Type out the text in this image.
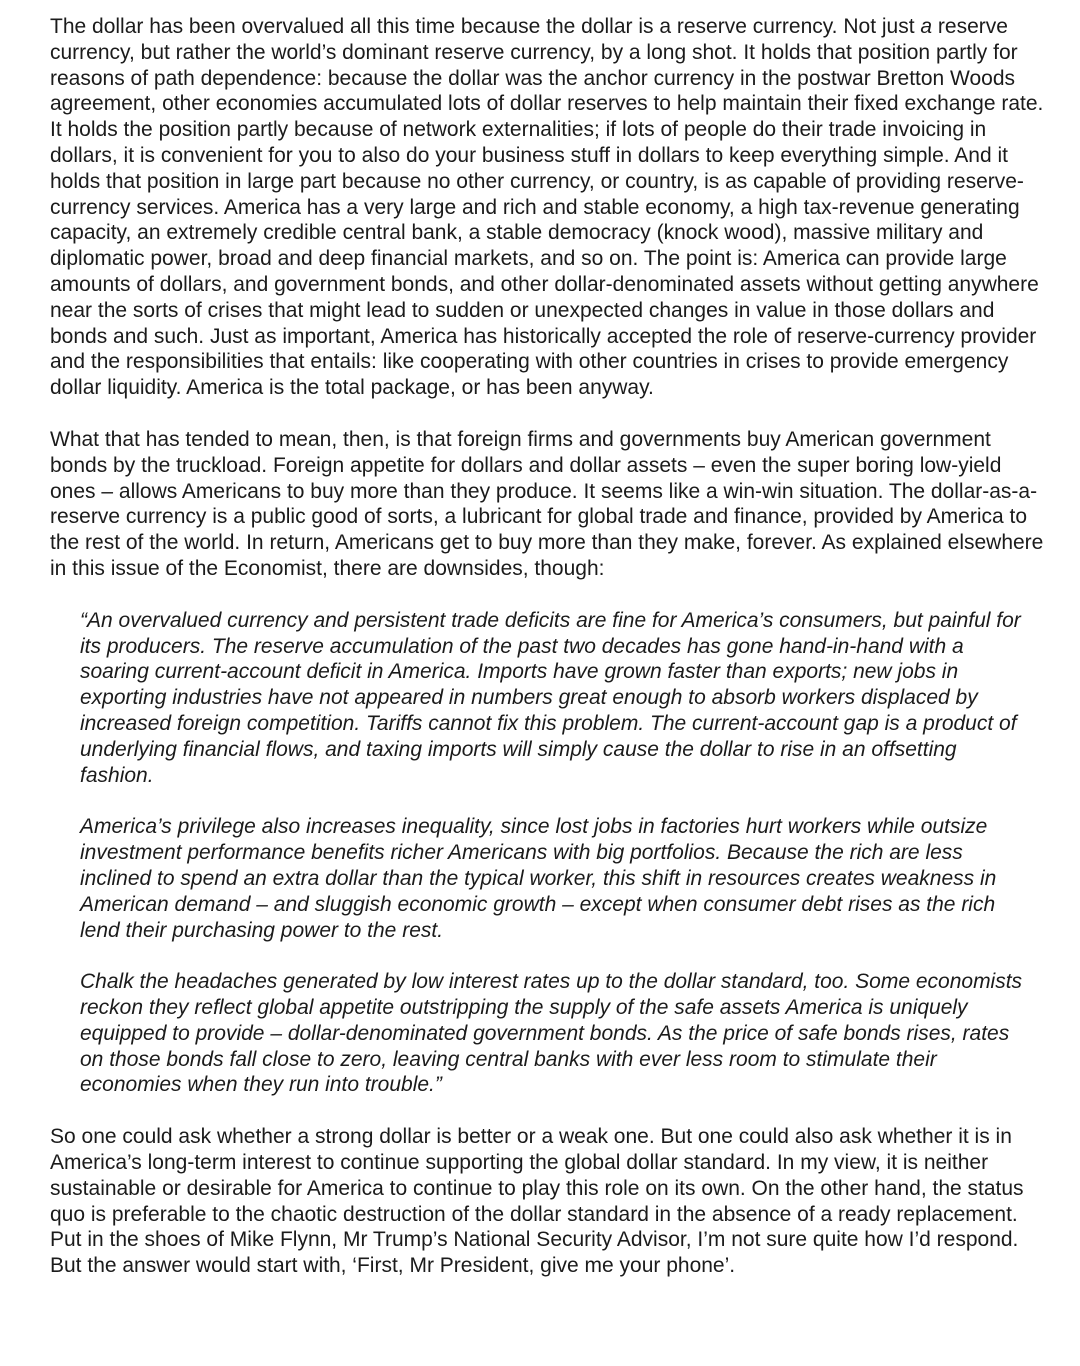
The dollar has been overvalued all this time because the dollar is a reserve currency. Not just a reserve currency, but rather the world’s dominant reserve currency, by a long shot. It holds that position partly for reasons of path dependence: because the dollar was the anchor currency in the postwar Bretton Woods agreement, other economies accumulated lots of dollar reserves to help maintain their fixed exchange rate. It holds the position partly because of network externalities; if lots of people do their trade invoicing in dollars, it is convenient for you to also do your business stuff in dollars to keep everything simple. And it holds that position in large part because no other currency, or country, is as capable of providing reserve-currency services. America has a very large and rich and stable economy, a high tax-revenue generating capacity, an extremely credible central bank, a stable democracy (knock wood), massive military and diplomatic power, broad and deep financial markets, and so on. The point is: America can provide large amounts of dollars, and government bonds, and other dollar-denominated assets without getting anywhere near the sorts of crises that might lead to sudden or unexpected changes in value in those dollars and bonds and such. Just as important, America has historically accepted the role of reserve-currency provider and the responsibilities that entails: like cooperating with other countries in crises to provide emergency dollar liquidity. America is the total package, or has been anyway.

What that has tended to mean, then, is that foreign firms and governments buy American government bonds by the truckload. Foreign appetite for dollars and dollar assets – even the super boring low-yield ones – allows Americans to buy more than they produce. It seems like a win-win situation. The dollar-as-a-reserve currency is a public good of sorts, a lubricant for global trade and finance, provided by America to the rest of the world. In return, Americans get to buy more than they make, forever. As explained elsewhere in this issue of the Economist, there are downsides, though:

“An overvalued currency and persistent trade deficits are fine for America’s consumers, but painful for its producers. The reserve accumulation of the past two decades has gone hand-in-hand with a soaring current-account deficit in America. Imports have grown faster than exports; new jobs in exporting industries have not appeared in numbers great enough to absorb workers displaced by increased foreign competition. Tariffs cannot fix this problem. The current-account gap is a product of underlying financial flows, and taxing imports will simply cause the dollar to rise in an offsetting fashion.

America’s privilege also increases inequality, since lost jobs in factories hurt workers while outsize investment performance benefits richer Americans with big portfolios. Because the rich are less inclined to spend an extra dollar than the typical worker, this shift in resources creates weakness in American demand – and sluggish economic growth – except when consumer debt rises as the rich lend their purchasing power to the rest.

Chalk the headaches generated by low interest rates up to the dollar standard, too. Some economists reckon they reflect global appetite outstripping the supply of the safe assets America is uniquely equipped to provide – dollar-denominated government bonds. As the price of safe bonds rises, rates on those bonds fall close to zero, leaving central banks with ever less room to stimulate their economies when they run into trouble.”

So one could ask whether a strong dollar is better or a weak one. But one could also ask whether it is in America’s long-term interest to continue supporting the global dollar standard. In my view, it is neither sustainable or desirable for America to continue to play this role on its own. On the other hand, the status quo is preferable to the chaotic destruction of the dollar standard in the absence of a ready replacement. Put in the shoes of Mike Flynn, Mr Trump’s National Security Advisor, I’m not sure quite how I’d respond. But the answer would start with, ‘First, Mr President, give me your phone’.
